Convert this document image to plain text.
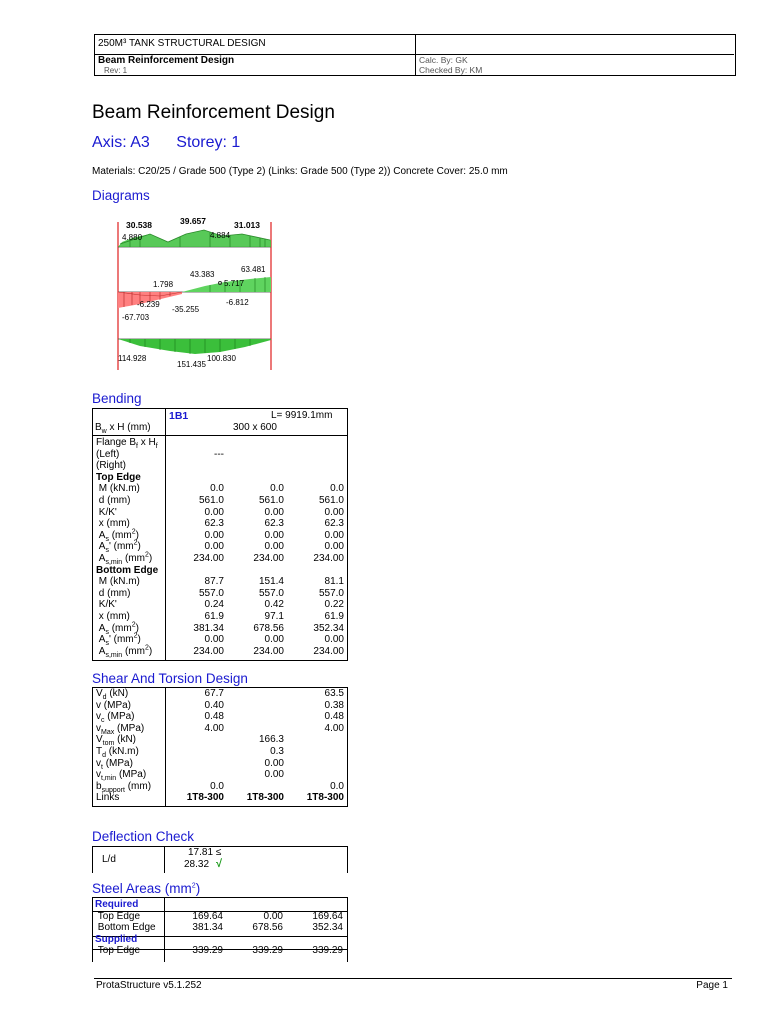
250M³ TANK STRUCTURAL DESIGN
Beam Reinforcement Design
Rev: 1
Calc. By: GK
Checked By: KM
Beam Reinforcement Design
Axis: A3 Storey: 1
Materials: C20/25 / Grade 500 (Type 2) (Links: Grade 500 (Type 2)) Concrete Cover: 25.0 mm
Diagrams
30.538	39.657	31.013
4.880	4.884
43.383
63.481
1.798	5.717
-6.239
-35.255
-6.812
-67.703
114.928
151.435
100.830
Bending
1B1	L= 9919.1mm
$B_w$ x H (mm)	300 x 600
Flange $B_f$ x $H_f$			
(Left)	---		
(Right)			
Top Edge			
M (kN.m)	0.0	0.0	0.0
d (mm)	561.0	561.0	561.0
K/K'	0.00	0.00	0.00
x (mm)	62.3	62.3	62.3
$A_s$ $(mm^2)$	0.00	0.00	0.00
$A_s'$ $(mm^2)$	0.00	0.00	0.00
$A_{s,min}$ $(mm^2)$	234.00	234.00	234.00
Bottom Edge			
M (kN.m)	87.7	151.4	81.1
d (mm)	557.0	557.0	557.0
K/K'	0.24	0.42	0.22
x (mm)	61.9	97.1	61.9
$A_s$ $(mm^2)$	381.34	678.56	352.34
$A_s'$ $(mm^2)$	0.00	0.00	0.00
$A_{s,min}$ $(mm^2)$	234.00	234.00	234.00
Shear And Torsion Design
$V_d$ (kN)	67.7		63.5
v (MPa)	0.40		0.38
$v_c$ (MPa)	0.48		0.48
$v_{Max}$ (MPa)	4.00		4.00
$V_{tom}$ (kN)		166.3	
$T_d$ (kN.m)		0.3	
$v_t$ (MPa)		0.00	
$v_{t,min}$ (MPa)		0.00	
$b_{support}$ (mm)	0.0		0.0
Links	1T8-300	1T8-300	1T8-300
Deflection Check
L/d
17.81 ≤
28.32 √
Steel Areas $(mm^2)$
Required			
Top Edge	169.64	0.00	169.64
Bottom Edge	381.34	678.56	352.34
Supplied			
Top Edge	339.29	339.29	339.29
ProtaStructure v5.1.252	Page 1
